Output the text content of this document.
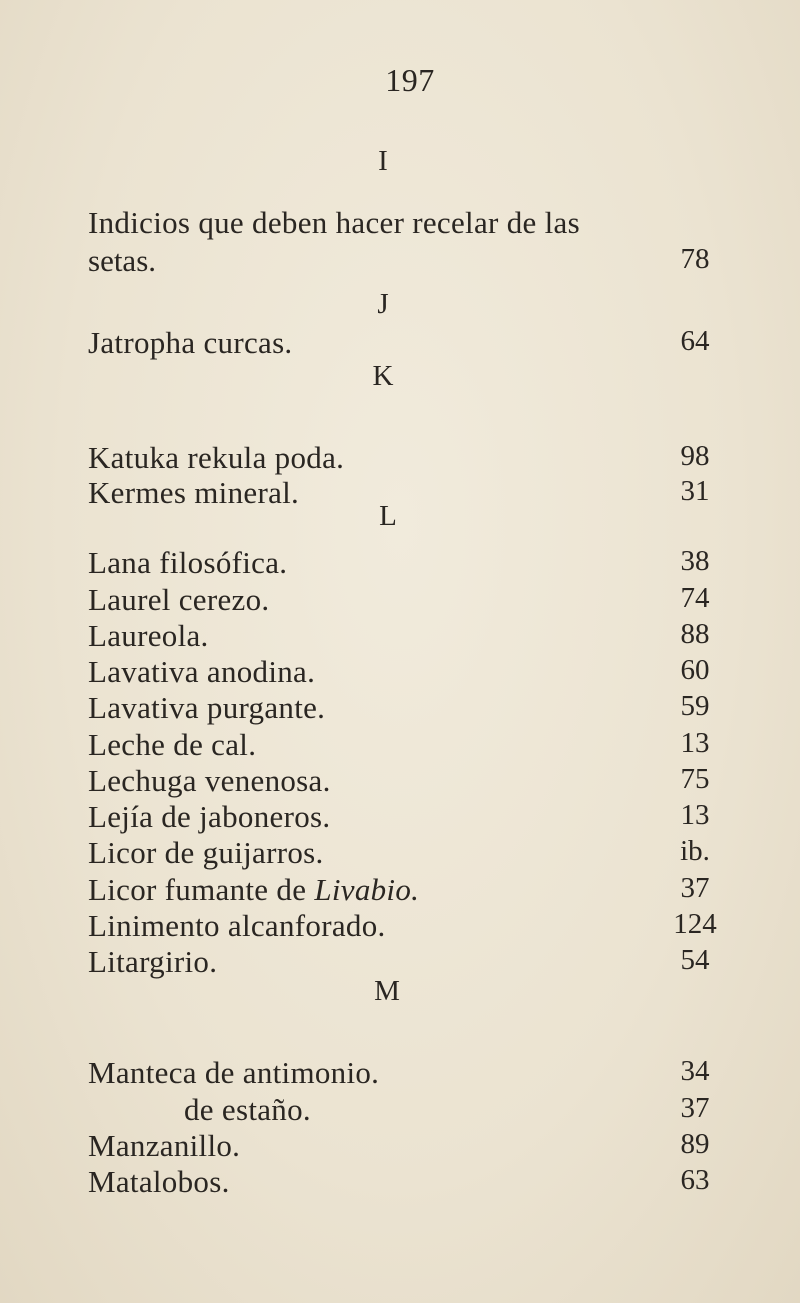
197
I
Indicios que deben hacer recelar de las
setas.	78
J
Jatropha curcas.	64
K
Katuka rekula poda.	98
Kermes mineral.	31
L
Lana filosófica.	38
Laurel cerezo.	74
Laureola.	88
Lavativa anodina.	60
Lavativa purgante.	59
Leche de cal.	13
Lechuga venenosa.	75
Lejía de jaboneros.	13
Licor de guijarros.	ib.
Licor fumante de Livabio.	37
Linimento alcanforado.	124
Litargirio.	54
M
Manteca de antimonio.	34
de estaño.	37
Manzanillo.	89
Matalobos.	63
